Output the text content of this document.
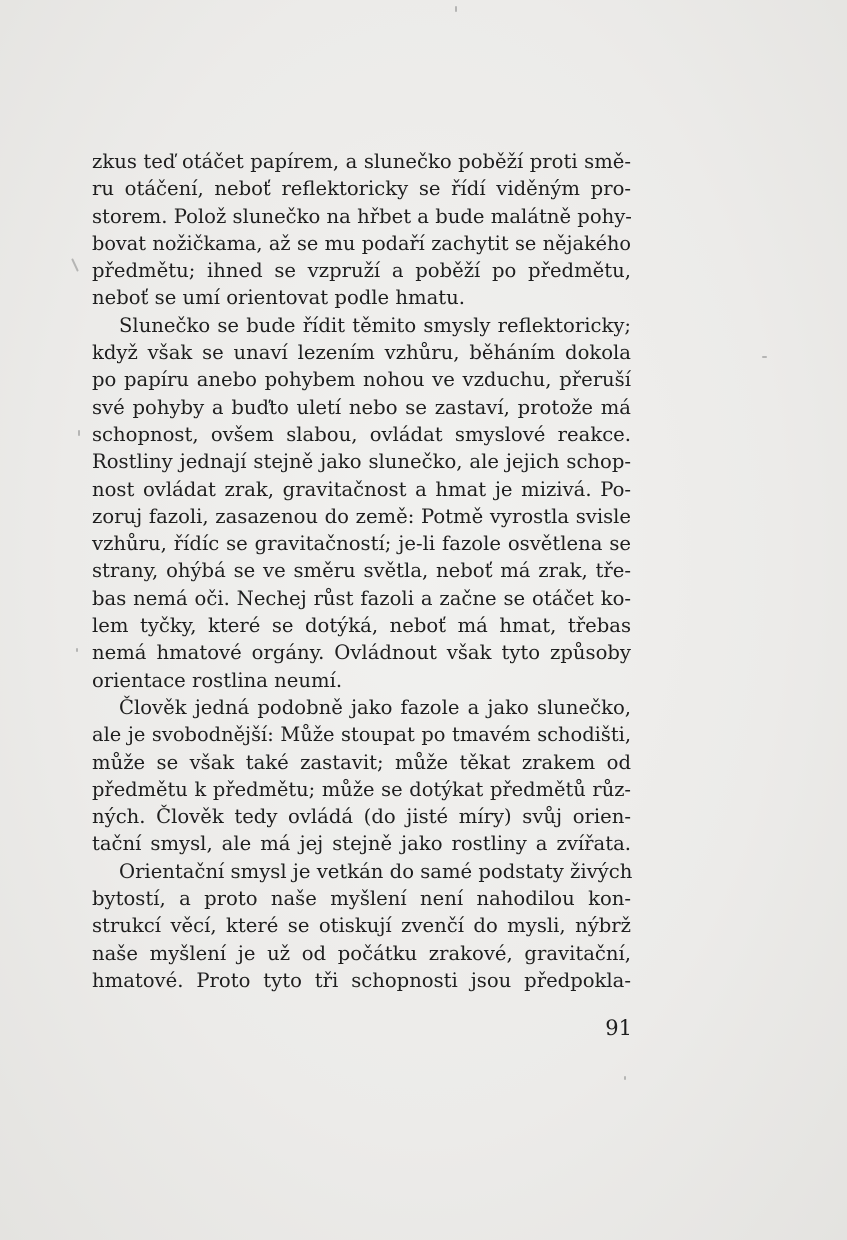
zkus teď otáčet papírem, a slunečko poběží proti smě-
ru otáčení, neboť reflektoricky se řídí viděným pro-
storem. Polož slunečko na hřbet a bude malátně pohy-
bovat nožičkama, až se mu podaří zachytit se nějakého
předmětu; ihned se vzpruží a poběží po předmětu,
neboť se umí orientovat podle hmatu.
Slunečko se bude řídit těmito smysly reflektoricky;
když však se unaví lezením vzhůru, běháním dokola
po papíru anebo pohybem nohou ve vzduchu, přeruší
své pohyby a buďto uletí nebo se zastaví, protože má
schopnost, ovšem slabou, ovládat smyslové reakce.
Rostliny jednají stejně jako slunečko, ale jejich schop-
nost ovládat zrak, gravitačnost a hmat je mizivá. Po-
zoruj fazoli, zasazenou do země: Potmě vyrostla svisle
vzhůru, řídíc se gravitačností; je-li fazole osvětlena se
strany, ohýbá se ve směru světla, neboť má zrak, tře-
bas nemá oči. Nechej růst fazoli a začne se otáčet ko-
lem tyčky, které se dotýká, neboť má hmat, třebas
nemá hmatové orgány. Ovládnout však tyto způsoby
orientace rostlina neumí.
Člověk jedná podobně jako fazole a jako slunečko,
ale je svobodnější: Může stoupat po tmavém schodišti,
může se však také zastavit; může těkat zrakem od
předmětu k předmětu; může se dotýkat předmětů růz-
ných. Člověk tedy ovládá (do jisté míry) svůj orien-
tační smysl, ale má jej stejně jako rostliny a zvířata.
Orientační smysl je vetkán do samé podstaty živých
bytostí, a proto naše myšlení není nahodilou kon-
strukcí věcí, které se otiskují zvenčí do mysli, nýbrž
naše myšlení je už od počátku zrakové, gravitační,
hmatové. Proto tyto tři schopnosti jsou předpokla-
91
